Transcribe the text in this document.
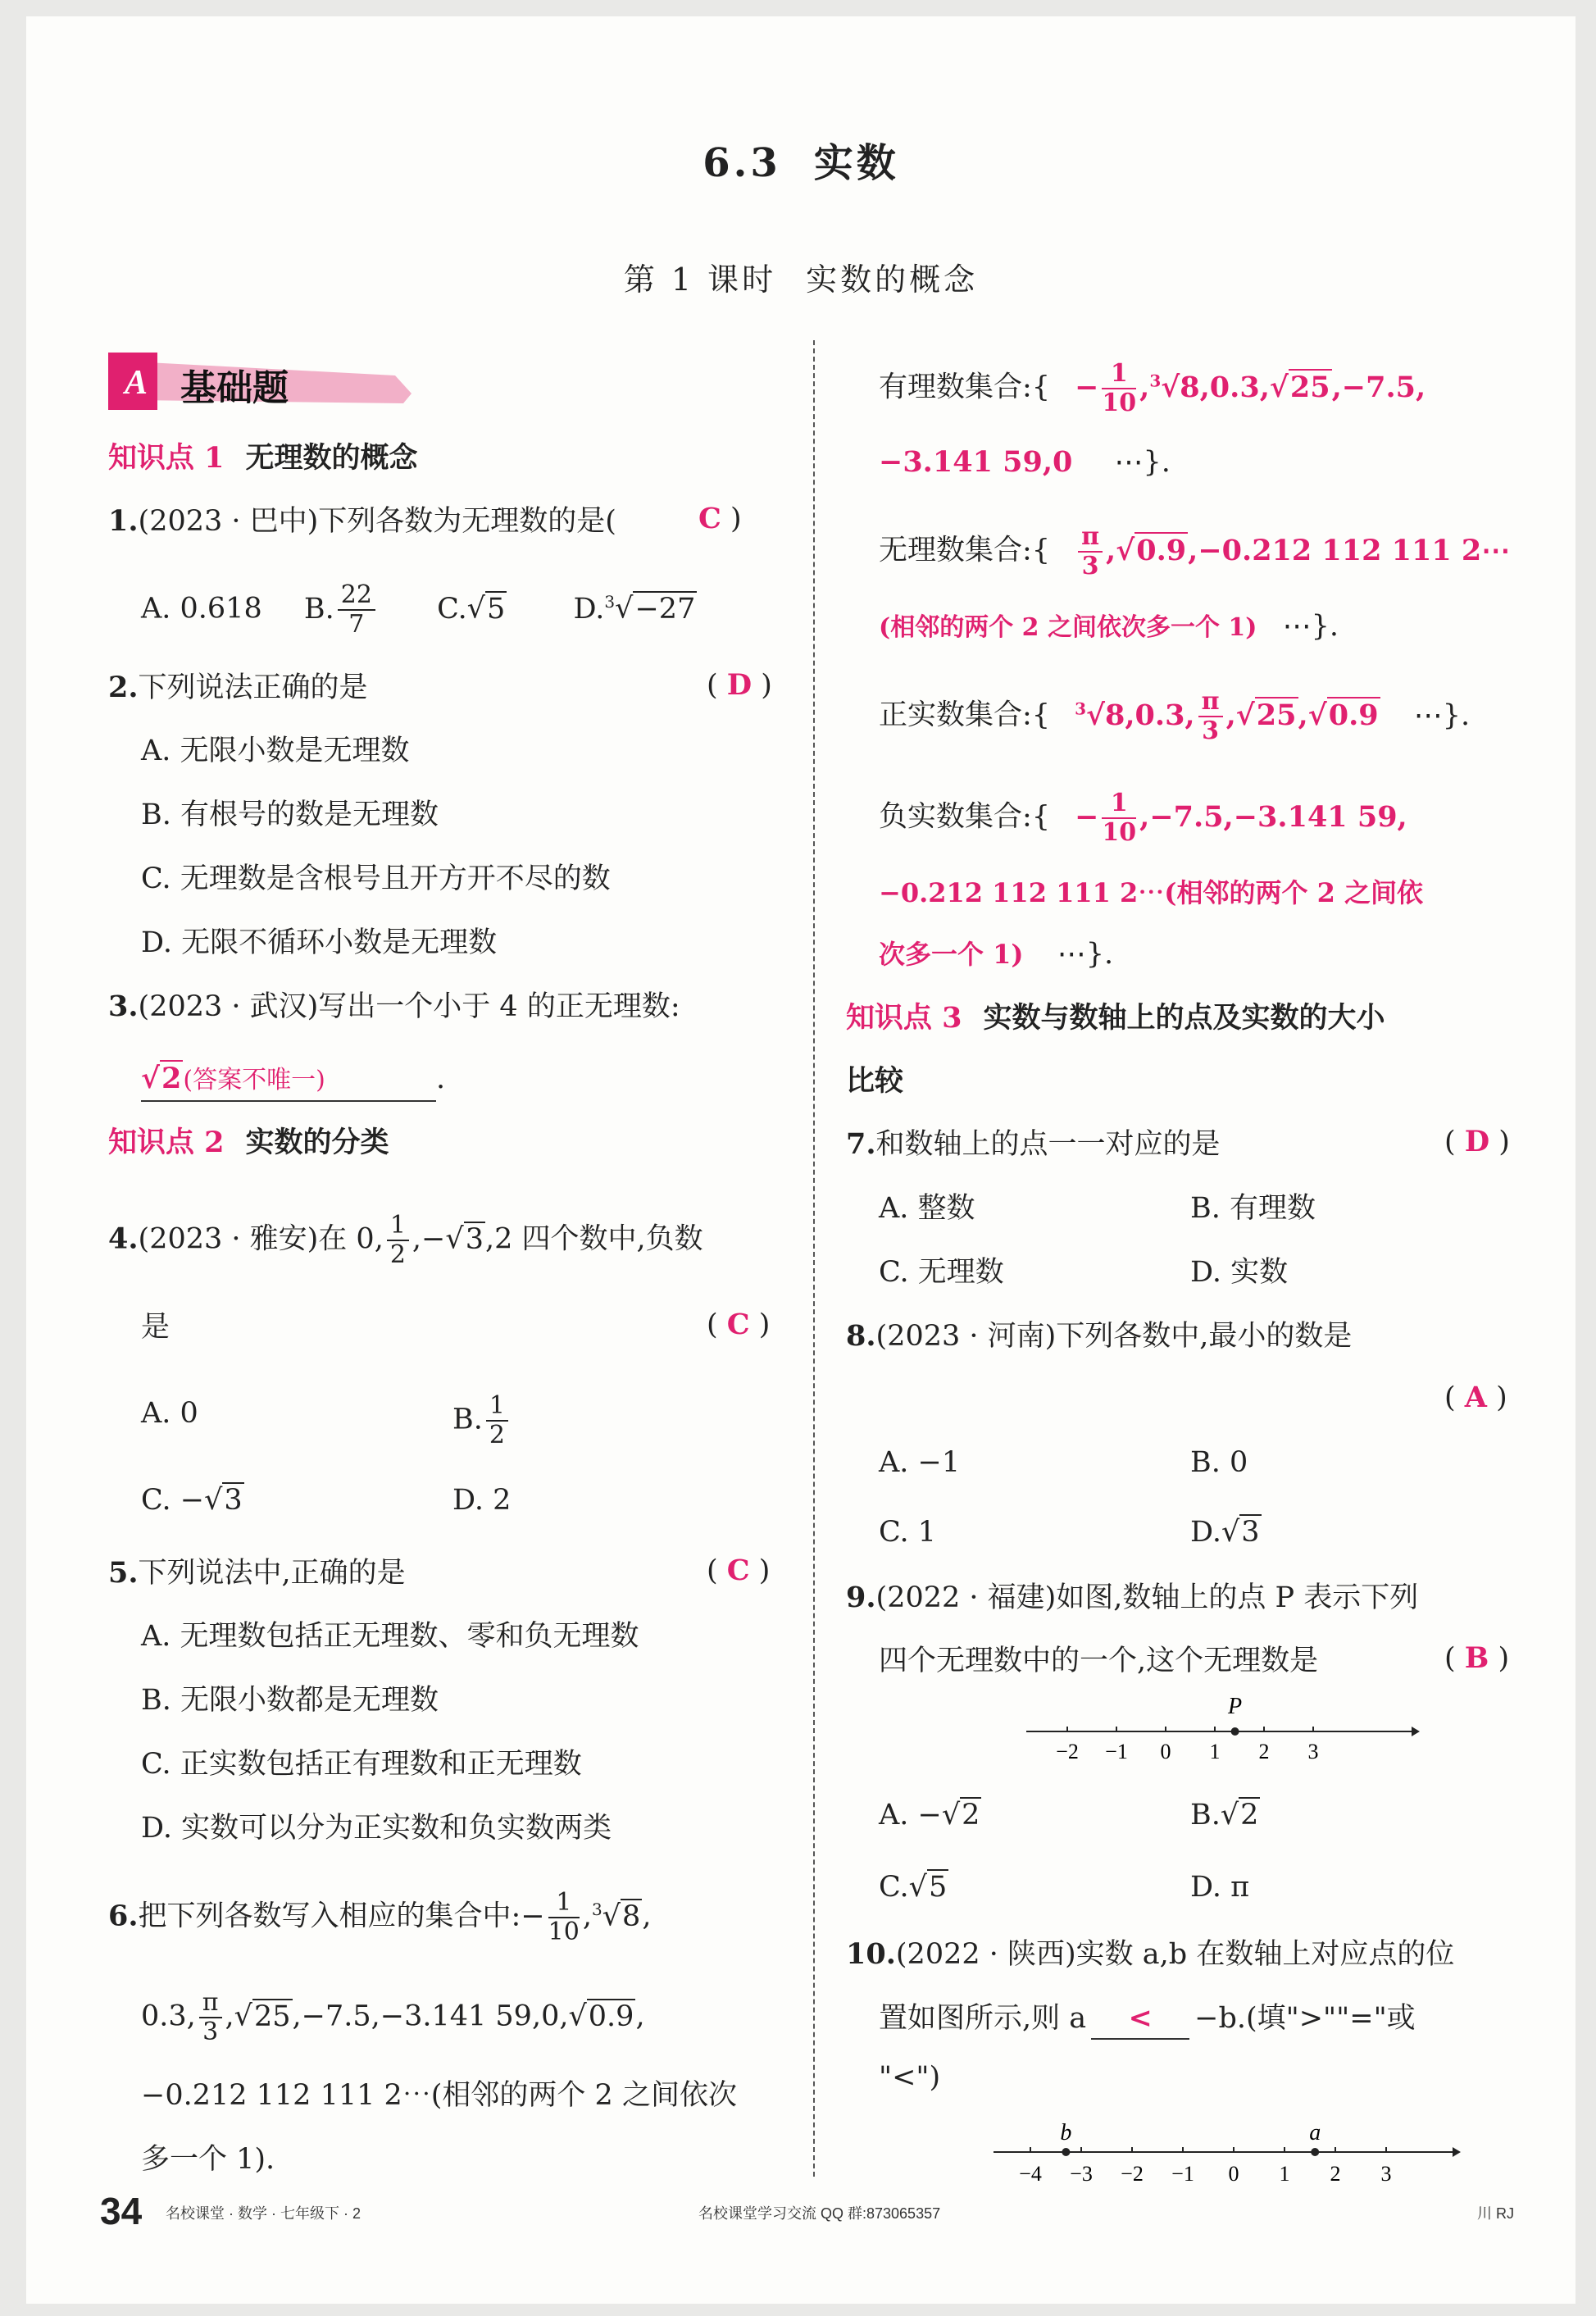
6.3 实数
第 1 课时 实数的概念
A 基础题
知识点 1 无理数的概念
1.(2023 · 巴中)下列各数为无理数的是(	C )
A. 0.618 B. $\frac{22}{7} C.√5$ D.$^3$√−27
2.下列说法正确的是	( D )
A. 无限小数是无理数
B. 有根号的数是无理数
C. 无理数是含根号且开方开不尽的数
D. 无限不循环小数是无理数
3.(2023 · 武汉)写出一个小于 4 的正无理数:
√2(答案不唯一)	.
知识点 2 实数的分类
4.(2023 · 雅安)在 0, $\frac{1}{2} ,-√3,2$ 四个数中,负数
是	( C )
A. 0	B. $\frac{1}{2}$
C. −√3	D. 2
5.下列说法中,正确的是	( C )
A. 无理数包括正无理数、零和负无理数
B. 无限小数都是无理数
C. 正实数包括正有理数和正无理数
D. 实数可以分为正实数和负实数两类
6.把下列各数写入相应的集合中:− $\frac{1}{10} ,^3√8$,
0.3, $\frac{\pi}{3} ,√25,-7.5,-3.141$ 59,0,√0.9,
−0.212 112 111 2⋯(相邻的两个 2 之间依次
多一个 1).
有理数集合:{ − $\frac{1}{10} ,^3√8,0.3,√25,-7.5$,
−3.141 59,0 ⋯}.
无理数集合:{ $\frac{\pi}{3} ,√0.9,-0.212$ 112 111 2⋯
(相邻的两个 2 之间依次多一个 1) ⋯}.
正实数集合:{ $^3$√8,0.3, $\frac{\pi}{3} ,√25,√0.9$ ⋯}.
负实数集合:{ − $\frac{1}{10} ,-7.5,-3.141$ 59,
−0.212 112 111 2⋯(相邻的两个 2 之间依
次多一个 1) ⋯}.
知识点 3 实数与数轴上的点及实数的大小
比较
7.和数轴上的点一一对应的是	( D )
A. 整数	B. 有理数
C. 无理数	D. 实数
8.(2023 · 河南)下列各数中,最小的数是
( A )
A. −1	B. 0
C. 1	D.√3
9.(2022 · 福建)如图,数轴上的点 P 表示下列
四个无理数中的一个,这个无理数是	( B )
−2 −1 0 1 2 3
P
A. −√2	B.√2
C.√5	D. π
10.(2022 · 陕西)实数 a,b 在数轴上对应点的位
置如图所示,则 a < −b.(填">""="或
"<")
−4 −3 −2 −1 0 1 2 3
a
b
34 名校课堂 · 数学 · 七年级下 · 2	名校课堂学习交流 QQ 群:873065357	川 RJ
